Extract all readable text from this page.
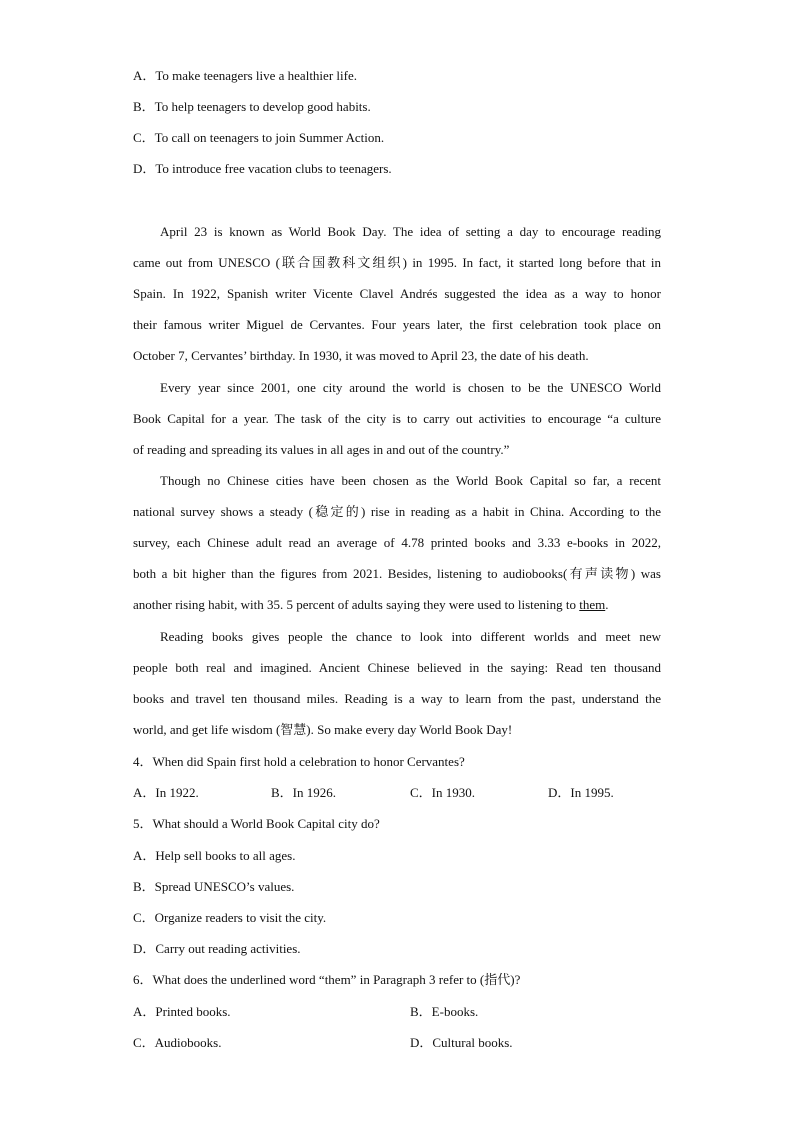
A．To make teenagers live a healthier life.
B．To help teenagers to develop good habits.
C．To call on teenagers to join Summer Action.
D．To introduce free vacation clubs to teenagers.
April 23 is known as World Book Day. The idea of setting a day to encourage reading
came out from UNESCO (联合国教科文组织) in 1995. In fact, it started long before that in
Spain. In 1922, Spanish writer Vicente Clavel Andrés suggested the idea as a way to honor
their famous writer Miguel de Cervantes. Four years later, the first celebration took place on
October 7, Cervantes’ birthday. In 1930, it was moved to April 23, the date of his death.
Every year since 2001, one city around the world is chosen to be the UNESCO World
Book Capital for a year. The task of the city is to carry out activities to encourage “a culture
of reading and spreading its values in all ages in and out of the country.”
Though no Chinese cities have been chosen as the World Book Capital so far, a recent
national survey shows a steady (稳定的) rise in reading as a habit in China. According to the
survey, each Chinese adult read an average of 4.78 printed books and 3.33 e-books in 2022,
both a bit higher than the figures from 2021. Besides, listening to audiobooks(有声读物) was
another rising habit, with 35. 5 percent of adults saying they were used to listening to them.
Reading books gives people the chance to look into different worlds and meet new
people both real and imagined. Ancient Chinese believed in the saying: Read ten thousand
books and travel ten thousand miles. Reading is a way to learn from the past, understand the
world, and get life wisdom (智慧). So make every day World Book Day!
4．When did Spain first hold a celebration to honor Cervantes?
A．In 1922.	B．In 1926.	C．In 1930.	D．In 1995.
5．What should a World Book Capital city do?
A．Help sell books to all ages.
B．Spread UNESCO’s values.
C．Organize readers to visit the city.
D．Carry out reading activities.
6．What does the underlined word “them” in Paragraph 3 refer to (指代)?
A．Printed books.	B．E-books.
C．Audiobooks.	D．Cultural books.
